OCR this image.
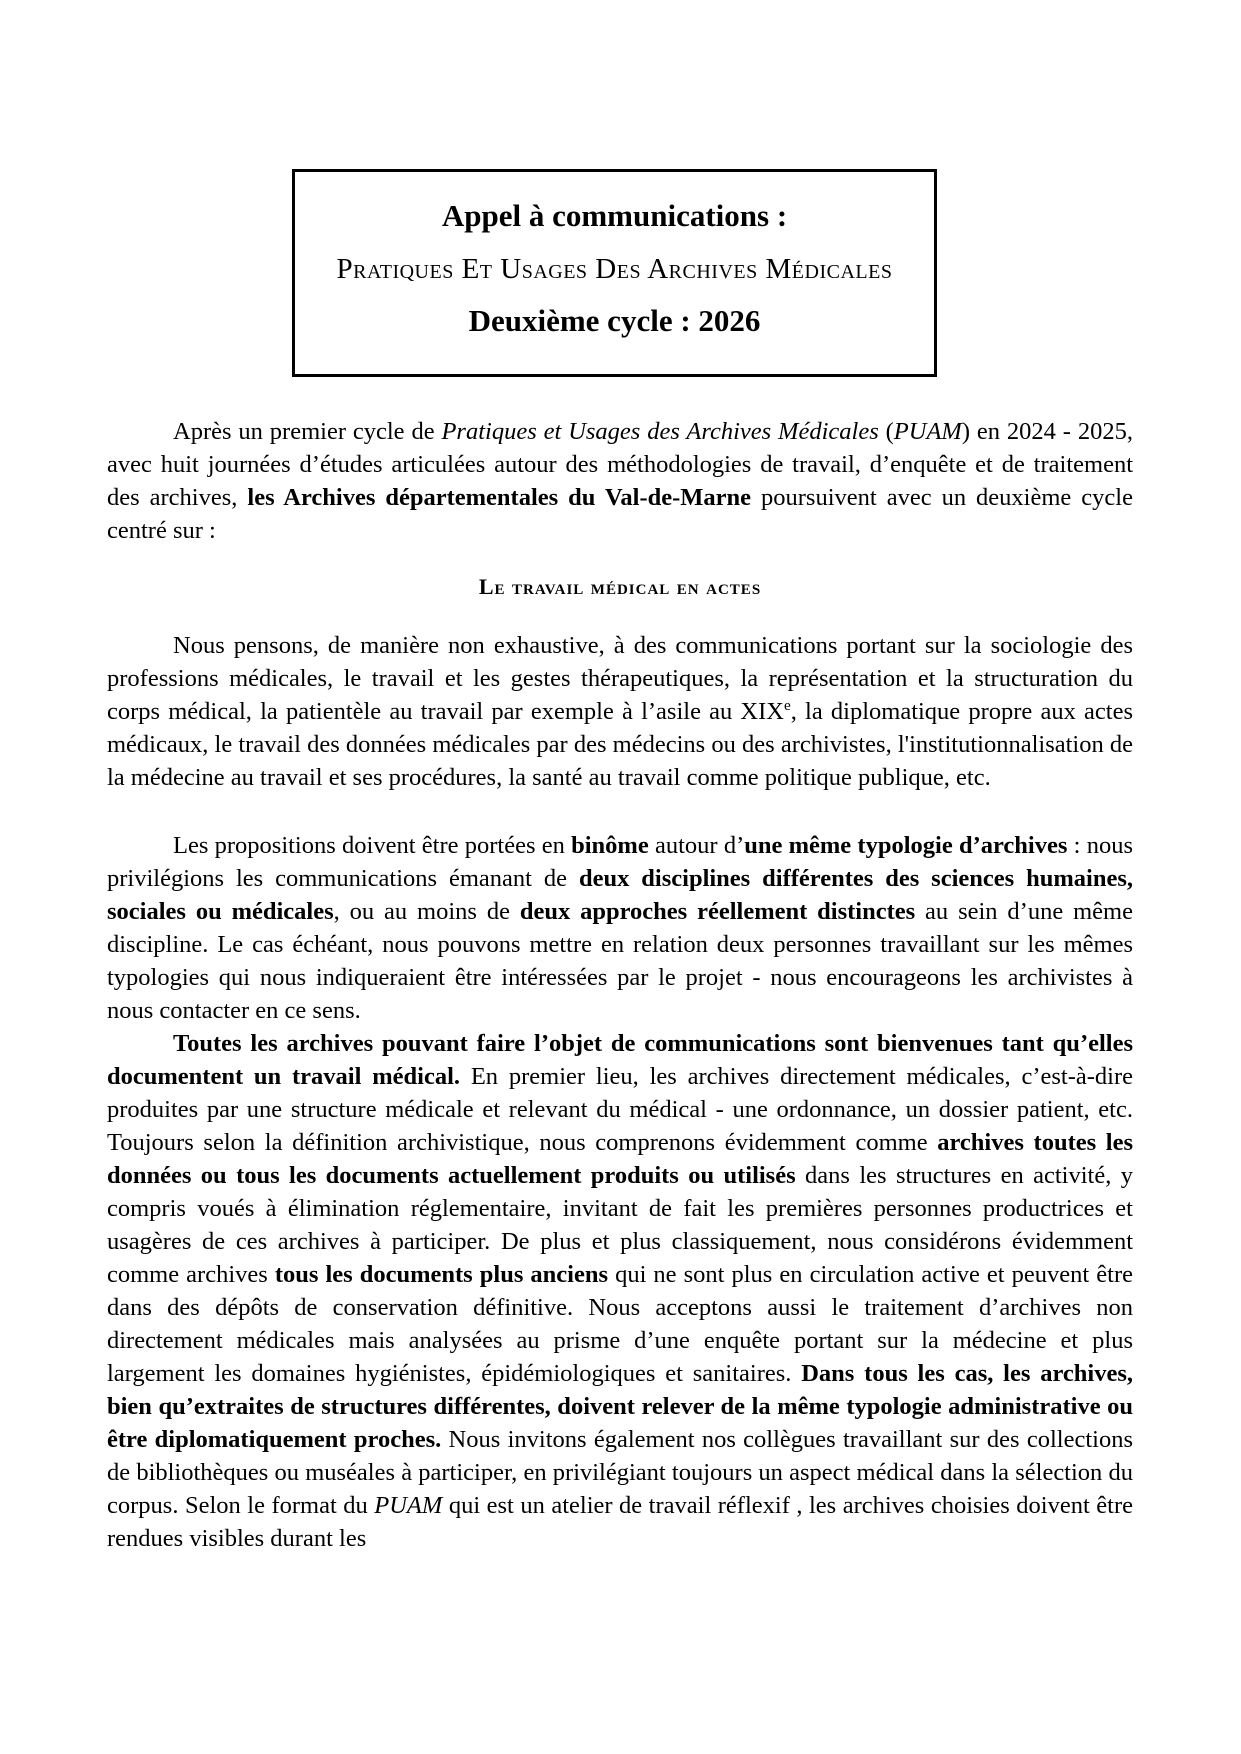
Appel à communications :
Pratiques Et Usages Des Archives Médicales
Deuxième cycle : 2026

Après un premier cycle de Pratiques et Usages des Archives Médicales (PUAM) en 2024 - 2025, avec huit journées d’études articulées autour des méthodologies de travail, d’enquête et de traitement des archives, les Archives départementales du Val-de-Marne poursuivent avec un deuxième cycle centré sur :

Le travail médical en actes

Nous pensons, de manière non exhaustive, à des communications portant sur la sociologie des professions médicales, le travail et les gestes thérapeutiques, la représentation et la structuration du corps médical, la patientèle au travail par exemple à l’asile au XIXe, la diplomatique propre aux actes médicaux, le travail des données médicales par des médecins ou des archivistes, l'institutionnalisation de la médecine au travail et ses procédures, la santé au travail comme politique publique, etc.

Les propositions doivent être portées en binôme autour d’une même typologie d’archives : nous privilégions les communications émanant de deux disciplines différentes des sciences humaines, sociales ou médicales, ou au moins de deux approches réellement distinctes au sein d’une même discipline. Le cas échéant, nous pouvons mettre en relation deux personnes travaillant sur les mêmes typologies qui nous indiqueraient être intéressées par le projet - nous encourageons les archivistes à nous contacter en ce sens.

Toutes les archives pouvant faire l’objet de communications sont bienvenues tant qu’elles documentent un travail médical. En premier lieu, les archives directement médicales, c’est-à-dire produites par une structure médicale et relevant du médical - une ordonnance, un dossier patient, etc. Toujours selon la définition archivistique, nous comprenons évidemment comme archives toutes les données ou tous les documents actuellement produits ou utilisés dans les structures en activité, y compris voués à élimination réglementaire, invitant de fait les premières personnes productrices et usagères de ces archives à participer. De plus et plus classiquement, nous considérons évidemment comme archives tous les documents plus anciens qui ne sont plus en circulation active et peuvent être dans des dépôts de conservation définitive. Nous acceptons aussi le traitement d’archives non directement médicales mais analysées au prisme d’une enquête portant sur la médecine et plus largement les domaines hygiénistes, épidémiologiques et sanitaires. Dans tous les cas, les archives, bien qu’extraites de structures différentes, doivent relever de la même typologie administrative ou être diplomatiquement proches. Nous invitons également nos collègues travaillant sur des collections de bibliothèques ou muséales à participer, en privilégiant toujours un aspect médical dans la sélection du corpus. Selon le format du PUAM qui est un atelier de travail réflexif , les archives choisies doivent être rendues visibles durant les
